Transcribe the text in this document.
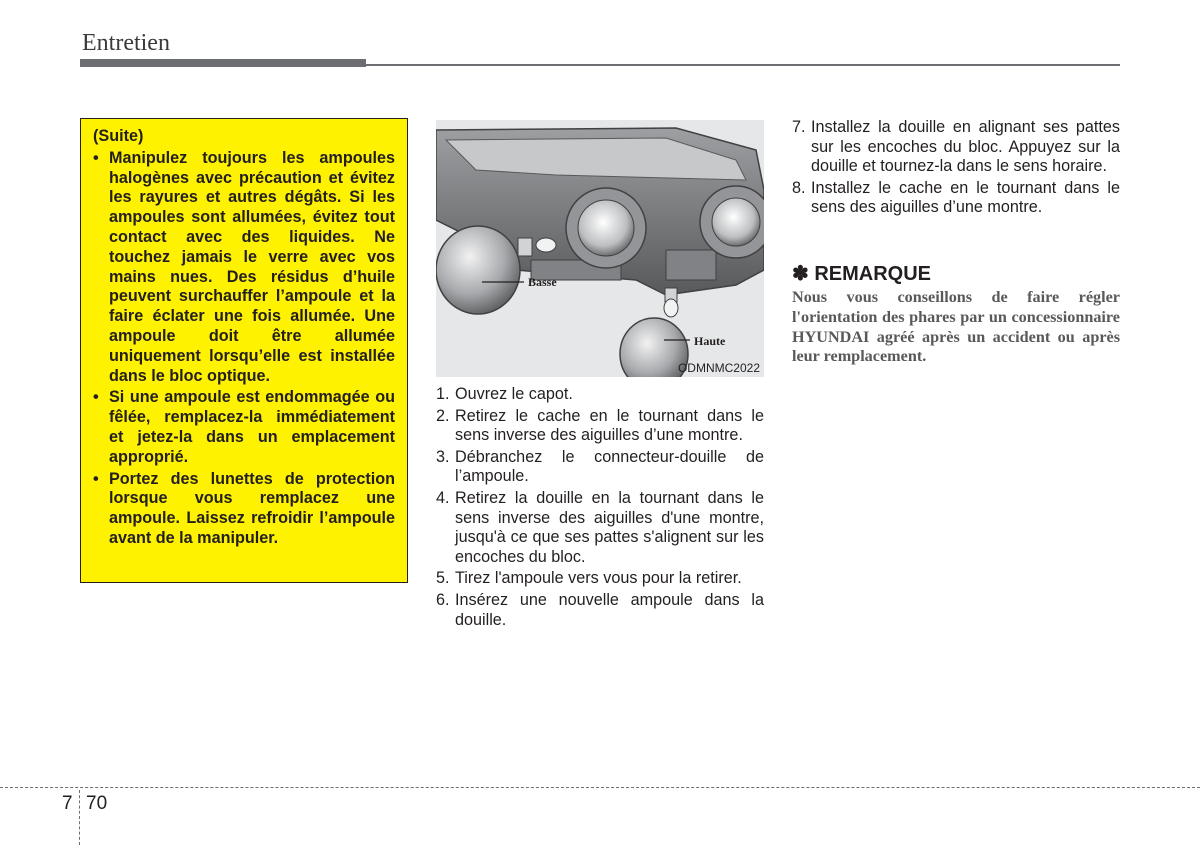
Entretien
(Suite)
• Manipulez toujours les ampoules halogènes avec précaution et évitez les rayures et autres dégâts. Si les ampoules sont allumées, évitez tout contact avec des liquides. Ne touchez jamais le verre avec vos mains nues. Des résidus d’huile peuvent surchauffer l’ampoule et la faire éclater une fois allumée. Une ampoule doit être allumée uniquement lorsqu’elle est installée dans le bloc optique.
• Si une ampoule est endommagée ou fêlée, remplacez-la immédiatement et jetez-la dans un emplacement approprié.
• Portez des lunettes de protection lorsque vous remplacez une ampoule. Laissez refroidir l’ampoule avant de la manipuler.
Basse
Haute
ODMNMC2022
1. Ouvrez le capot.
2. Retirez le cache en le tournant dans le sens inverse des aiguilles d’une montre.
3. Débranchez le connecteur-douille de l’ampoule.
4. Retirez la douille en la tournant dans le sens inverse des aiguilles d'une montre, jusqu'à ce que ses pattes s'alignent sur les encoches du bloc.
5. Tirez l'ampoule vers vous pour la retirer.
6. Insérez une nouvelle ampoule dans la douille.
7. Installez la douille en alignant ses pattes sur les encoches du bloc. Appuyez sur la douille et tournez-la dans le sens horaire.
8. Installez le cache en le tournant dans le sens des aiguilles d’une montre.
✽ REMARQUE
Nous vous conseillons de faire régler l'orientation des phares par un concessionnaire HYUNDAI agréé après un accident ou après leur remplacement.
7 70
